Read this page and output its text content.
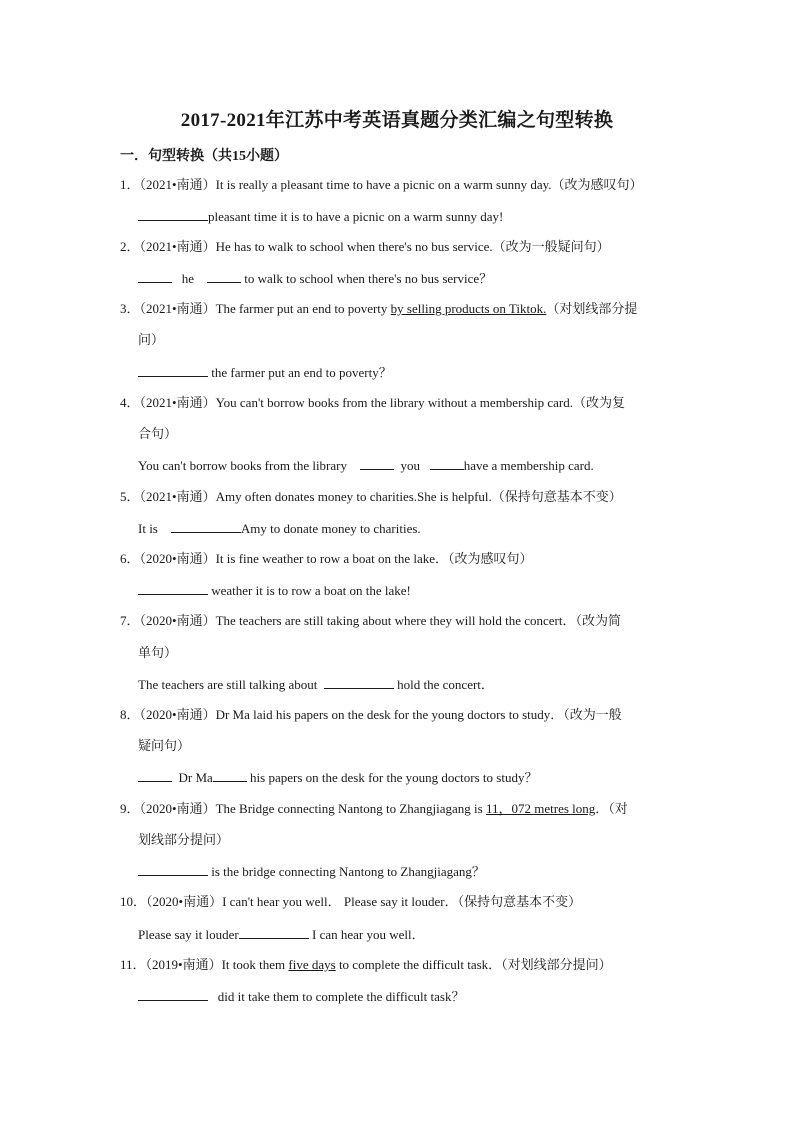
2017-2021年江苏中考英语真题分类汇编之句型转换
一．句型转换（共15小题）
1．（2021•南通）It is really a pleasant time to have a picnic on a warm sunny day.（改为感叹句）
pleasant time it is to have a picnic on a warm sunny day!
2．（2021•南通）He has to walk to school when there's no bus service.（改为一般疑问句）
he	to walk to school when there's no bus service？
3．（2021•南通）The farmer put an end to poverty by selling products on Tiktok.（对划线部分提
问）
the farmer put an end to poverty？
4．（2021•南通）You can't borrow books from the library without a membership card.（改为复
合句）
You can't borrow books from the library	you	have a membership card.
5．（2021•南通）Amy often donates money to charities.She is helpful.（保持句意基本不变）
It is	Amy to donate money to charities.
6．（2020•南通）It is fine weather to row a boat on the lake．（改为感叹句）
weather it is to row a boat on the lake!
7．（2020•南通）The teachers are still taking about where they will hold the concert．（改为简
单句）
The teachers are still talking about	hold the concert．
8．（2020•南通）Dr Ma laid his papers on the desk for the young doctors to study．（改为一般
疑问句）
Dr Ma	his papers on the desk for the young doctors to study？
9．（2020•南通）The Bridge connecting Nantong to Zhangjiagang is 11，072 metres long．（对
划线部分提问）
is the bridge connecting Nantong to Zhangjiagang？
10．（2020•南通）I can't hear you well． Please say it louder．（保持句意基本不变）
Please say it louder	I can hear you well．
11．（2019•南通）It took them five days to complete the difficult task．（对划线部分提问）
did it take them to complete the difficult task？
